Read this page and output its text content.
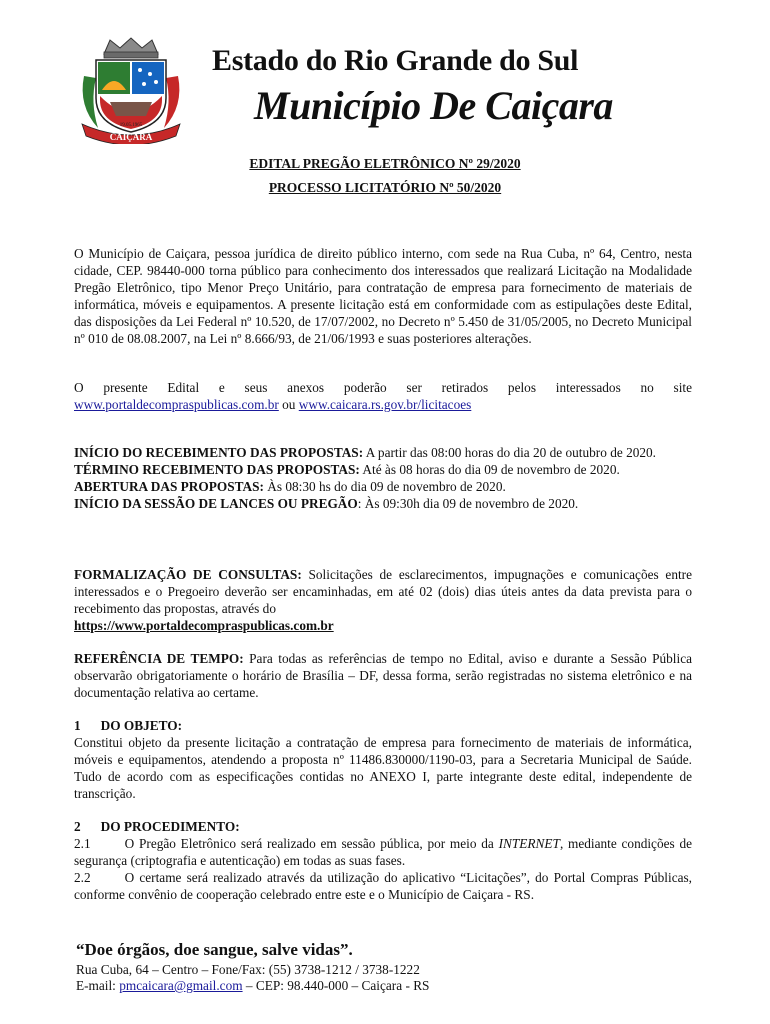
CAIÇARA
19.05.1965
Estado do Rio Grande do Sul
Município De Caiçara
EDITAL PREGÃO ELETRÔNICO Nº 29/2020
PROCESSO LICITATÓRIO Nº 50/2020

O Município de Caiçara, pessoa jurídica de direito público interno, com sede na Rua Cuba, nº 64, Centro, nesta cidade, CEP. 98440-000 torna público para conhecimento dos interessados que realizará Licitação na Modalidade Pregão Eletrônico, tipo Menor Preço Unitário, para contratação de empresa para fornecimento de materiais de informática, móveis e equipamentos. A presente licitação está em conformidade com as estipulações deste Edital, das disposições da Lei Federal nº 10.520, de 17/07/2002, no Decreto nº 5.450 de 31/05/2005, no Decreto Municipal nº 010 de 08.08.2007, na Lei nº 8.666/93, de 21/06/1993 e suas posteriores alterações.

O presente Edital e seus anexos poderão ser retirados pelos interessados no site

www.portaldecompraspublicas.com.br ou www.caicara.rs.gov.br/licitacoes

INÍCIO DO RECEBIMENTO DAS PROPOSTAS: A partir das 08:00 horas do dia 20 de outubro de 2020.

TÉRMINO RECEBIMENTO DAS PROPOSTAS: Até às 08 horas do dia 09 de novembro de 2020.

ABERTURA DAS PROPOSTAS: Às 08:30 hs do dia 09 de novembro de 2020.

INÍCIO DA SESSÃO DE LANCES OU PREGÃO: Às 09:30h dia 09 de novembro de 2020.

FORMALIZAÇÃO DE CONSULTAS: Solicitações de esclarecimentos, impugnações e comunicações entre interessados e o Pregoeiro deverão ser encaminhadas, em até 02 (dois) dias úteis antes da data prevista para o recebimento das propostas, através do

https://www.portaldecompraspublicas.com.br

REFERÊNCIA DE TEMPO: Para todas as referências de tempo no Edital, aviso e durante a Sessão Pública observarão obrigatoriamente o horário de Brasília – DF, dessa forma, serão registradas no sistema eletrônico e na documentação relativa ao certame.

1 DO OBJETO:

Constitui objeto da presente licitação a contratação de empresa para fornecimento de materiais de informática, móveis e equipamentos, atendendo a proposta nº 11486.830000/1190-03, para a Secretaria Municipal de Saúde. Tudo de acordo com as especificações contidas no ANEXO I, parte integrante deste edital, independente de transcrição.

2 DO PROCEDIMENTO:

2.1	O Pregão Eletrônico será realizado em sessão pública, por meio da INTERNET, mediante condições de segurança (criptografia e autenticação) em todas as suas fases.

2.2	O certame será realizado através da utilização do aplicativo “Licitações”, do Portal Compras Públicas, conforme convênio de cooperação celebrado entre este e o Município de Caiçara - RS.

“Doe órgãos, doe sangue, salve vidas”.
Rua Cuba, 64 – Centro – Fone/Fax: (55) 3738-1212 / 3738-1222
E-mail: pmcaicara@gmail.com – CEP: 98.440-000 – Caiçara - RS
